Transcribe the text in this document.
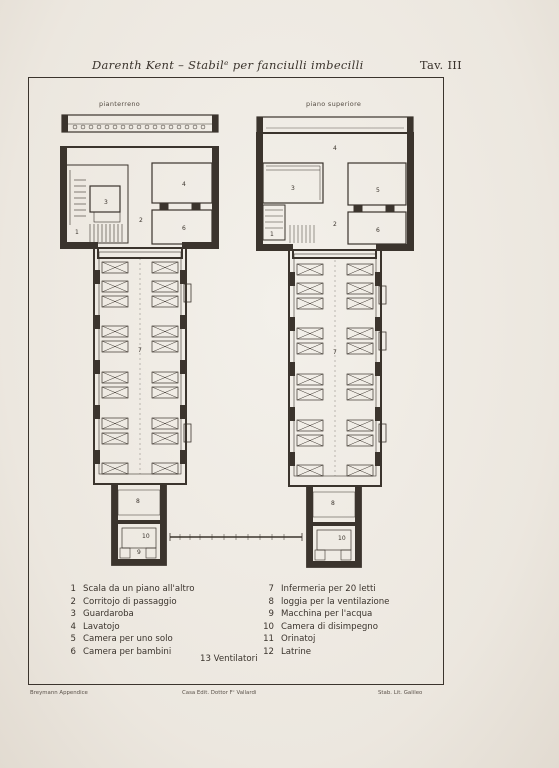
Darenth Kent – Stabilᵉ per fanciulli imbecilli	Tav. III
pianterreno	piano superiore
1
2
3
4
6
7
8
10
9
4
3
1
2
5
6
7
8
10
1 Scala da un piano all'altro
2 Corritojo di passaggio
3 Guardaroba
4 Lavatojo
5 Camera per uno solo
6 Camera per bambini
7 Infermeria per 20 letti
8 loggia per la ventilazione
9 Macchina per l'acqua
10 Camera di disimpegno
11 Orinatoj
12 Latrine
13 Ventilatori
Breymann Appendice	Casa Edit. Dottor Fᶜ Vallardi	Stab. Lit. Galileo
